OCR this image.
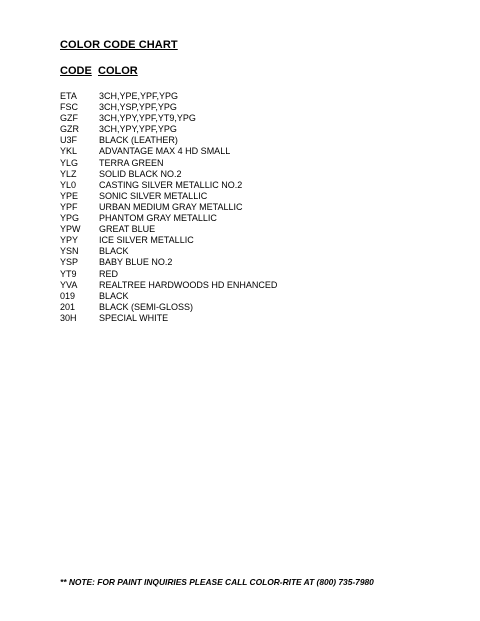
COLOR CODE CHART
CODE COLOR
ETA 3CH,YPE,YPF,YPG
FSC 3CH,YSP,YPF,YPG
GZF 3CH,YPY,YPF,YT9,YPG
GZR 3CH,YPY,YPF,YPG
U3F BLACK (LEATHER)
YKL ADVANTAGE MAX 4 HD SMALL
YLG TERRA GREEN
YLZ SOLID BLACK NO.2
YL0	CASTING SILVER METALLIC NO.2
YPE SONIC SILVER METALLIC
YPF URBAN MEDIUM GRAY METALLIC
YPG PHANTOM GRAY METALLIC
YPW GREAT BLUE
YPY ICE SILVER METALLIC
YSN BLACK
YSP BABY BLUE NO.2
YT9 RED
YVA REALTREE HARDWOODS HD ENHANCED
019	BLACK
201	BLACK (SEMI-GLOSS)
30H SPECIAL WHITE
** NOTE: FOR PAINT INQUIRIES PLEASE CALL COLOR-RITE AT (800) 735-7980
